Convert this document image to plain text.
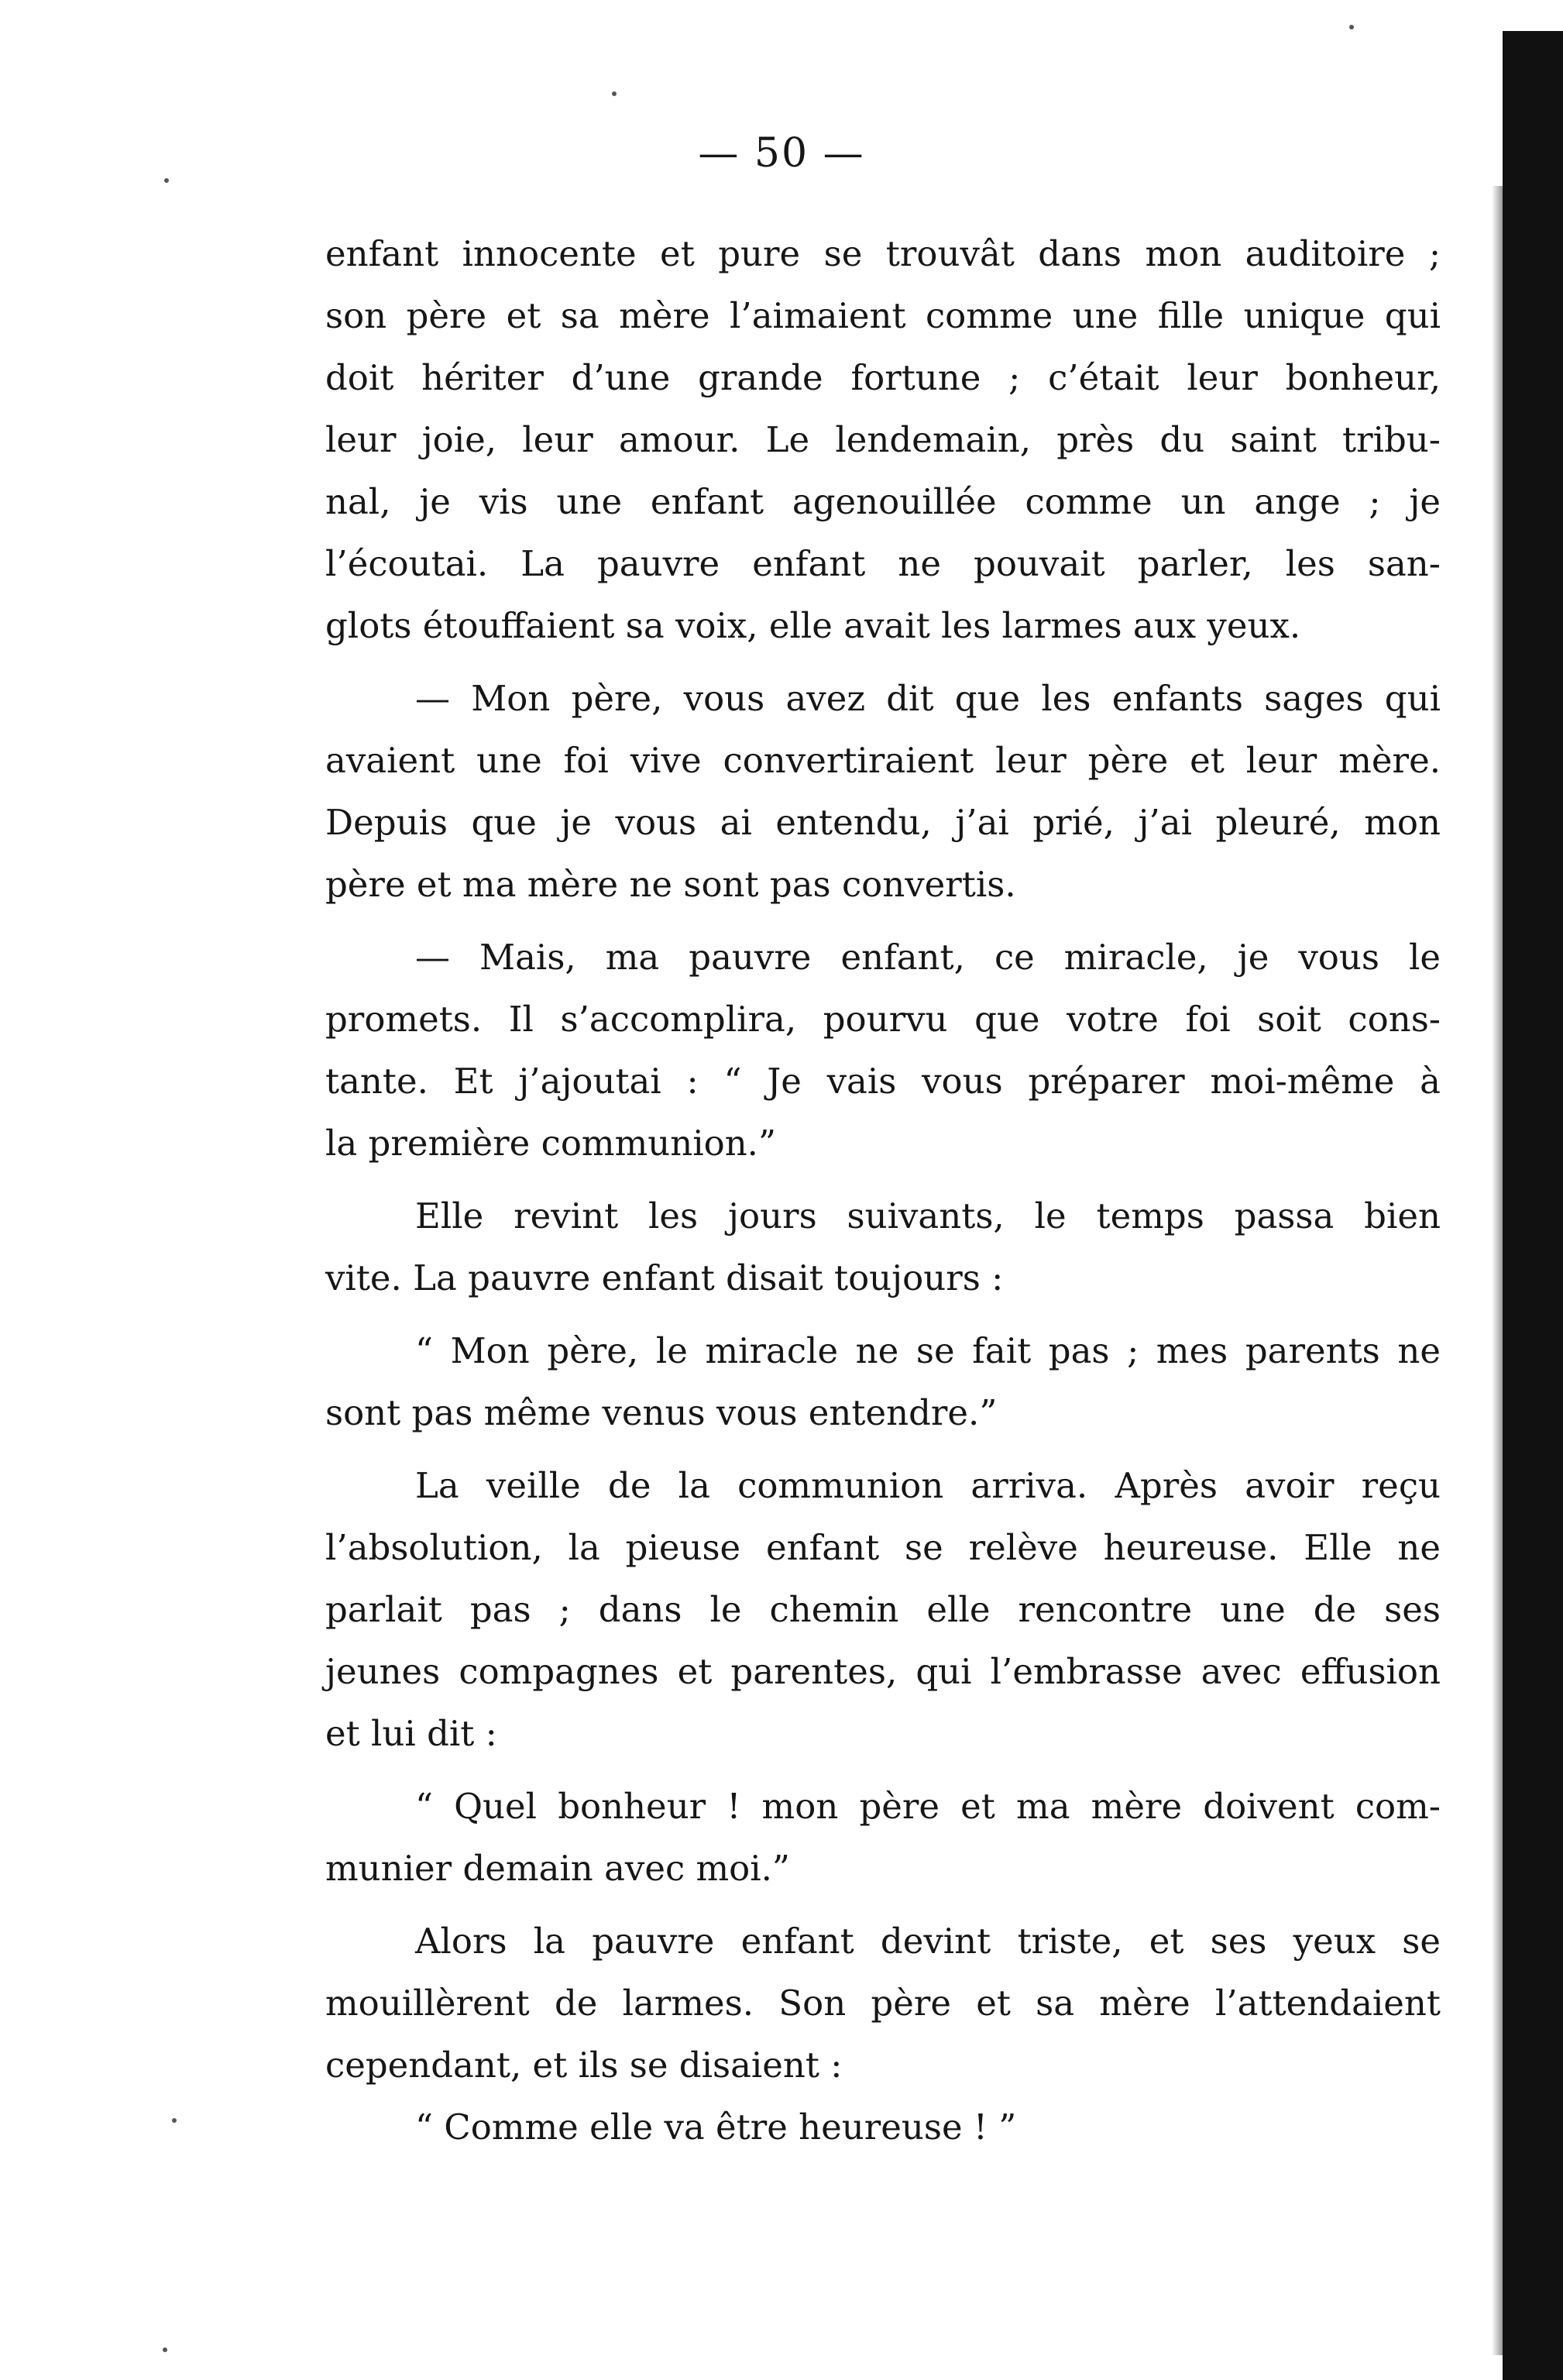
— 50 —
enfant innocente et pure se trouvât dans mon auditoire ;
son père et sa mère l’aimaient comme une fille unique qui
doit hériter d’une grande fortune ; c’était leur bonheur,
leur joie, leur amour. Le lendemain, près du saint tribu-
nal, je vis une enfant agenouillée comme un ange ; je
l’écoutai. La pauvre enfant ne pouvait parler, les san-
glots étouffaient sa voix, elle avait les larmes aux yeux.
— Mon père, vous avez dit que les enfants sages qui
avaient une foi vive convertiraient leur père et leur mère.
Depuis que je vous ai entendu, j’ai prié, j’ai pleuré, mon
père et ma mère ne sont pas convertis.
— Mais, ma pauvre enfant, ce miracle, je vous le
promets. Il s’accomplira, pourvu que votre foi soit cons-
tante. Et j’ajoutai : “ Je vais vous préparer moi-même à
la première communion.”
Elle revint les jours suivants, le temps passa bien
vite. La pauvre enfant disait toujours :
“ Mon père, le miracle ne se fait pas ; mes parents ne
sont pas même venus vous entendre.”
La veille de la communion arriva. Après avoir reçu
l’absolution, la pieuse enfant se relève heureuse. Elle ne
parlait pas ; dans le chemin elle rencontre une de ses
jeunes compagnes et parentes, qui l’embrasse avec effusion
et lui dit :
“ Quel bonheur ! mon père et ma mère doivent com-
munier demain avec moi.”
Alors la pauvre enfant devint triste, et ses yeux se
mouillèrent de larmes. Son père et sa mère l’attendaient
cependant, et ils se disaient :
“ Comme elle va être heureuse ! ”
